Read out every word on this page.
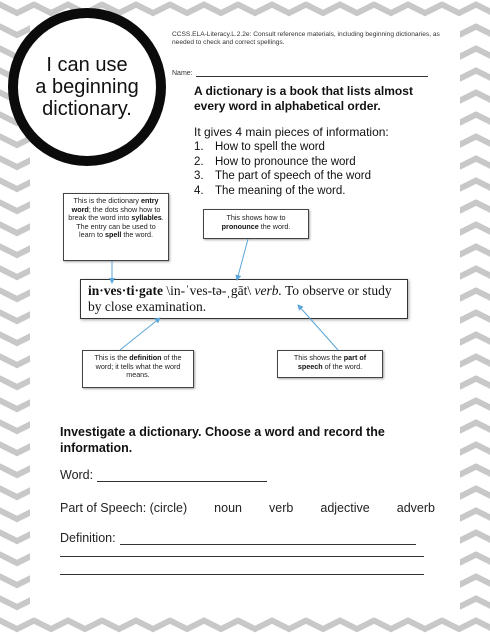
I can use
a beginning
dictionary.
CCSS.ELA-Literacy.L.2.2e: Consult reference materials, including beginning dictionaries, as needed to check and correct spellings.
Name:
A dictionary is a book that lists almost every word in alphabetical order.
It gives 4 main pieces of information:
1. How to spell the word
2. How to pronounce the word
3. The part of speech of the word
4. The meaning of the word.
This is the dictionary entry word; the dots show how to break the word into syllables. The entry can be used to learn to spell the word.
This shows how to pronounce the word.
in·ves·ti·gate \in-ˈves-tə-ˌgāt\ verb. To observe or study by close examination.
This is the definition of the word; it tells what the word means.
This shows the part of speech of the word.
Investigate a dictionary. Choose a word and record the information.
Word:
Part of Speech: (circle) noun verb adjective adverb
Definition:
